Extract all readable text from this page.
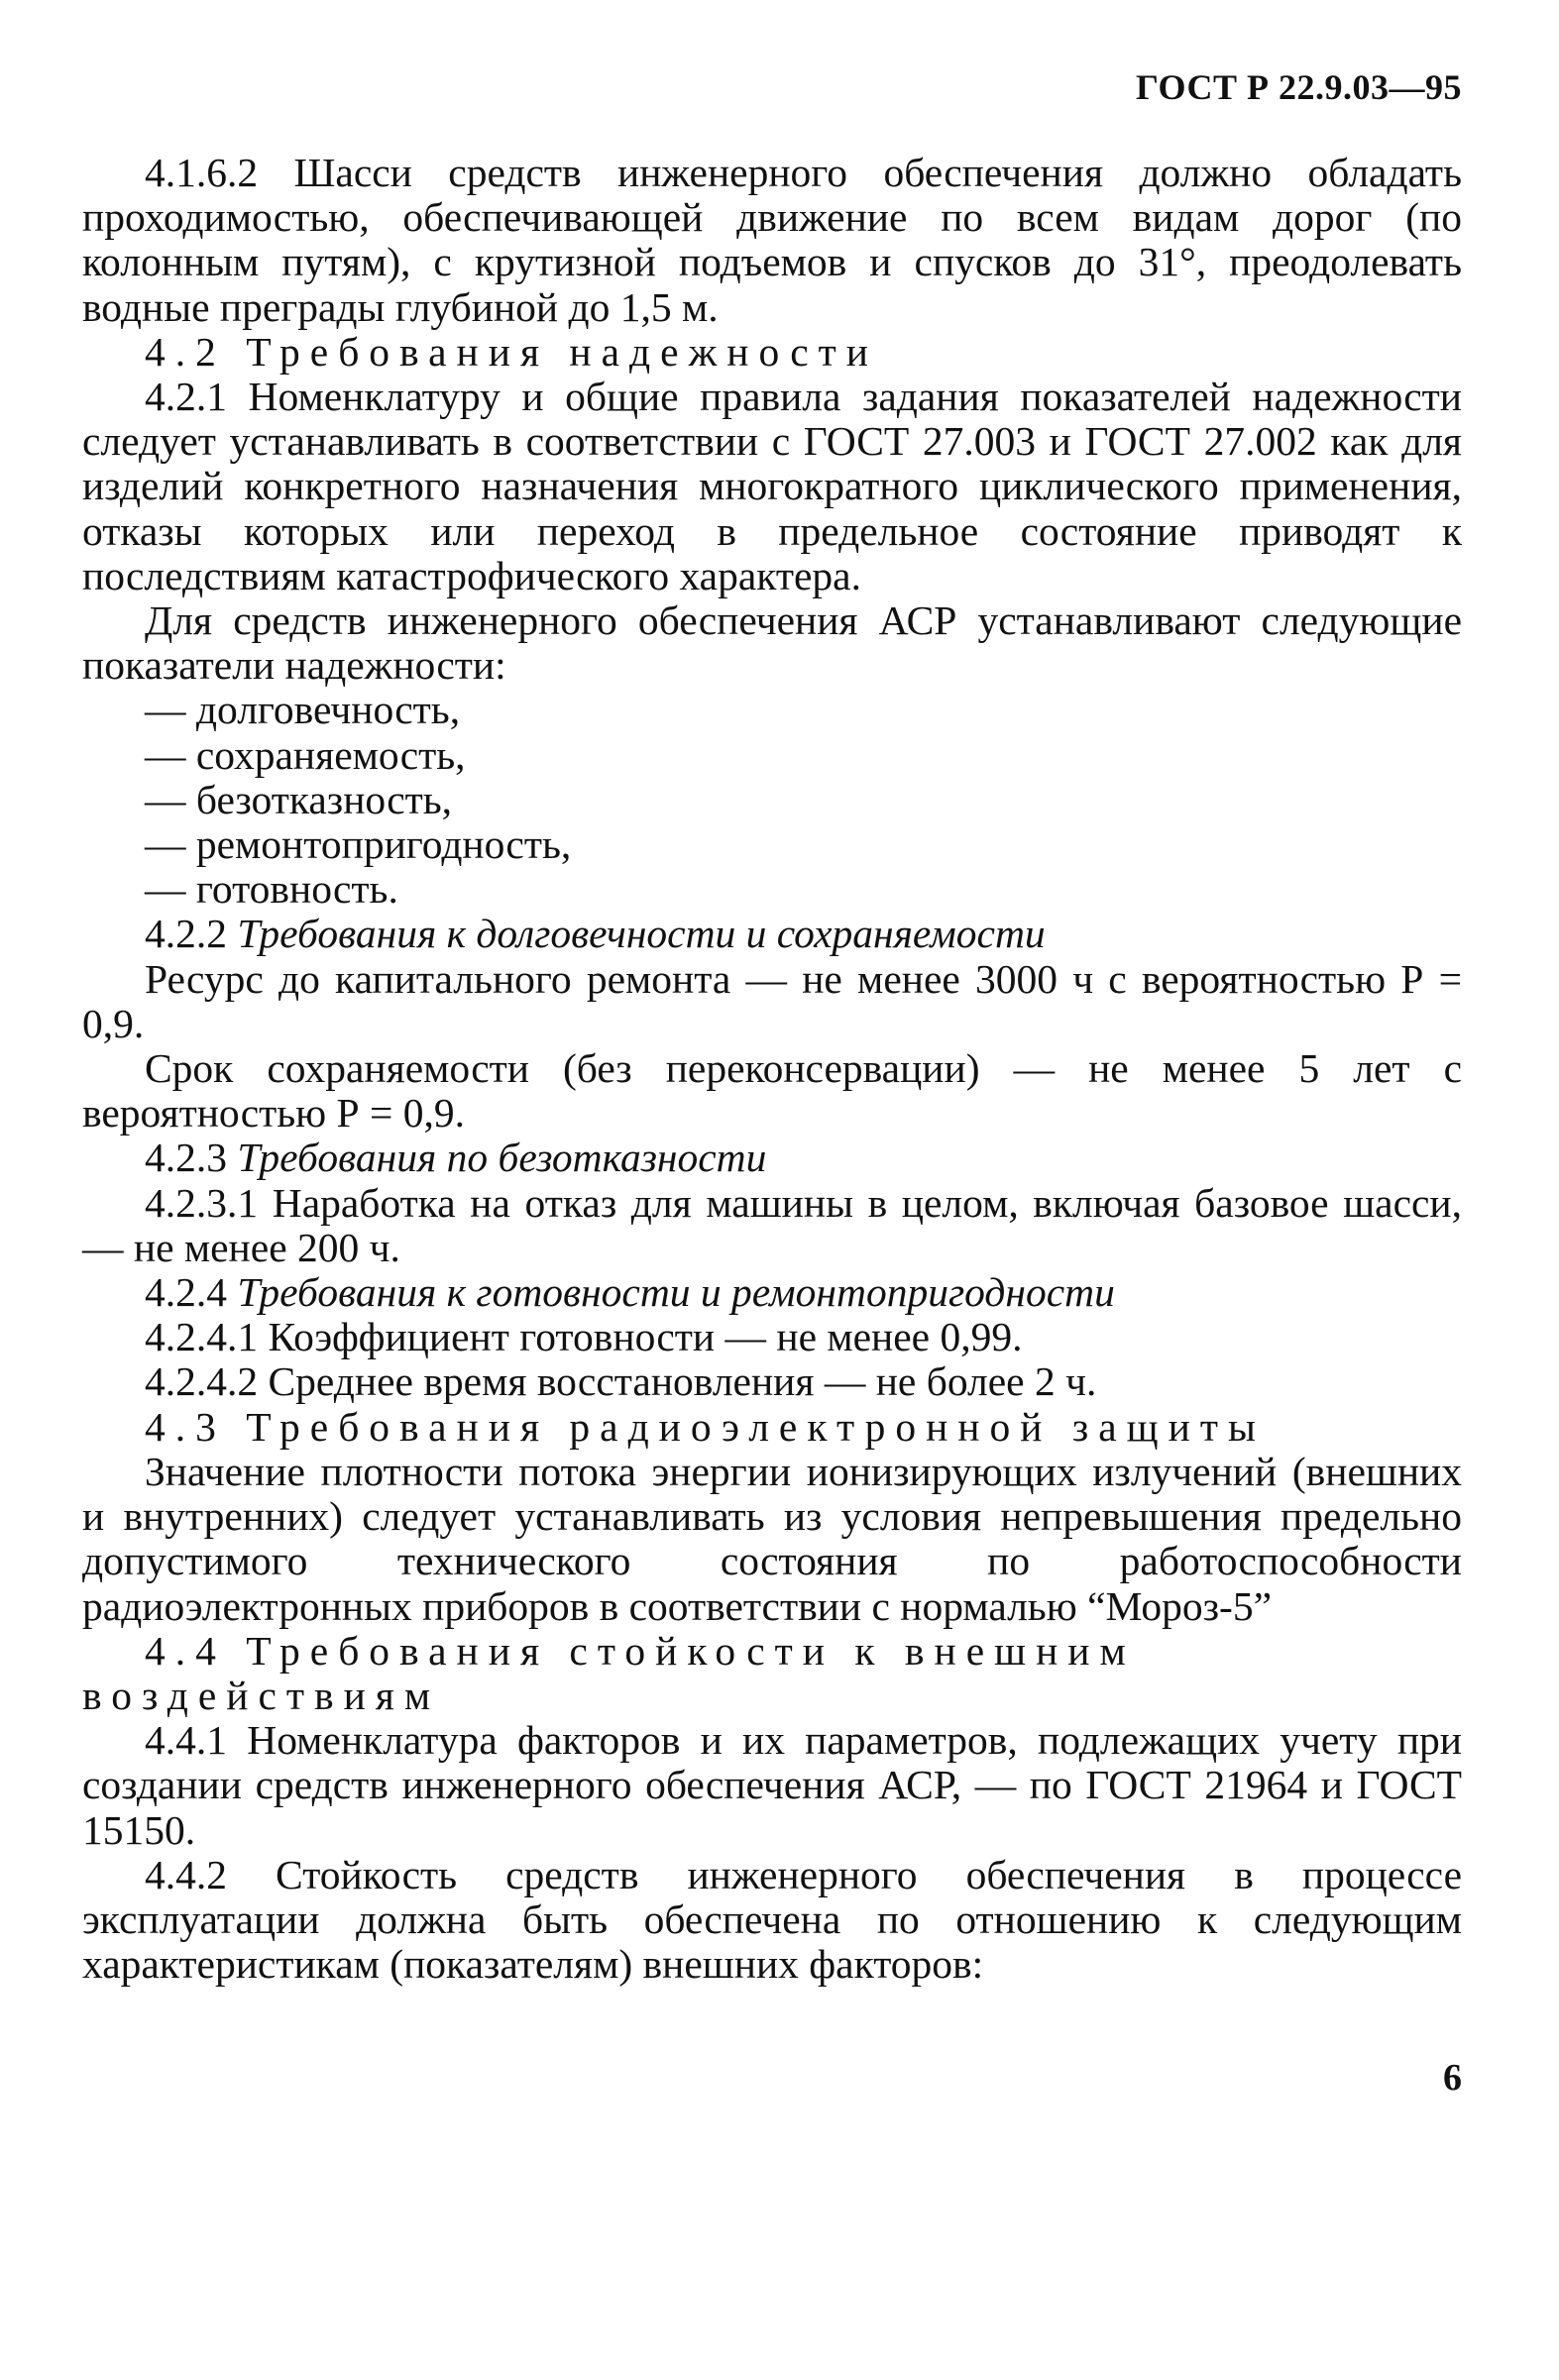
ГОСТ Р 22.9.03—95

4.1.6.2 Шасси средств инженерного обеспечения должно обладать проходимостью, обеспечивающей движение по всем видам дорог (по колонным путям), с крутизной подъемов и спусков до 31°, преодолевать водные преграды глубиной до 1,5 м.

4.2 Требования надежности

4.2.1 Номенклатуру и общие правила задания показателей надежности следует устанавливать в соответствии с ГОСТ 27.003 и ГОСТ 27.002 как для изделий конкретного назначения многократного циклического применения, отказы которых или переход в предельное состояние приводят к последствиям катастрофического характера.

Для средств инженерного обеспечения АСР устанавливают следующие показатели надежности:

— долговечность,

— сохраняемость,

— безотказность,

— ремонтопригодность,

— готовность.

4.2.2 Требования к долговечности и сохраняемости

Ресурс до капитального ремонта — не менее 3000 ч с вероятностью Р = 0,9.

Срок сохраняемости (без переконсервации) — не менее 5 лет с вероятностью Р = 0,9.

4.2.3 Требования по безотказности

4.2.3.1 Наработка на отказ для машины в целом, включая базовое шасси, — не менее 200 ч.

4.2.4 Требования к готовности и ремонтопригодности

4.2.4.1 Коэффициент готовности — не менее 0,99.

4.2.4.2 Среднее время восстановления — не более 2 ч.

4.3 Требования радиоэлектронной защиты

Значение плотности потока энергии ионизирующих излучений (внешних и внутренних) следует устанавливать из условия непревышения предельно допустимого технического состояния по работоспособности радиоэлектронных приборов в соответствии с нормалью “Мороз-5”

4.4 Требования стойкости к внешним воздействиям

4.4.1 Номенклатура факторов и их параметров, подлежащих учету при создании средств инженерного обеспечения АСР, — по ГОСТ 21964 и ГОСТ 15150.

4.4.2 Стойкость средств инженерного обеспечения в процессе эксплуатации должна быть обеспечена по отношению к следующим характеристикам (показателям) внешних факторов:

6
